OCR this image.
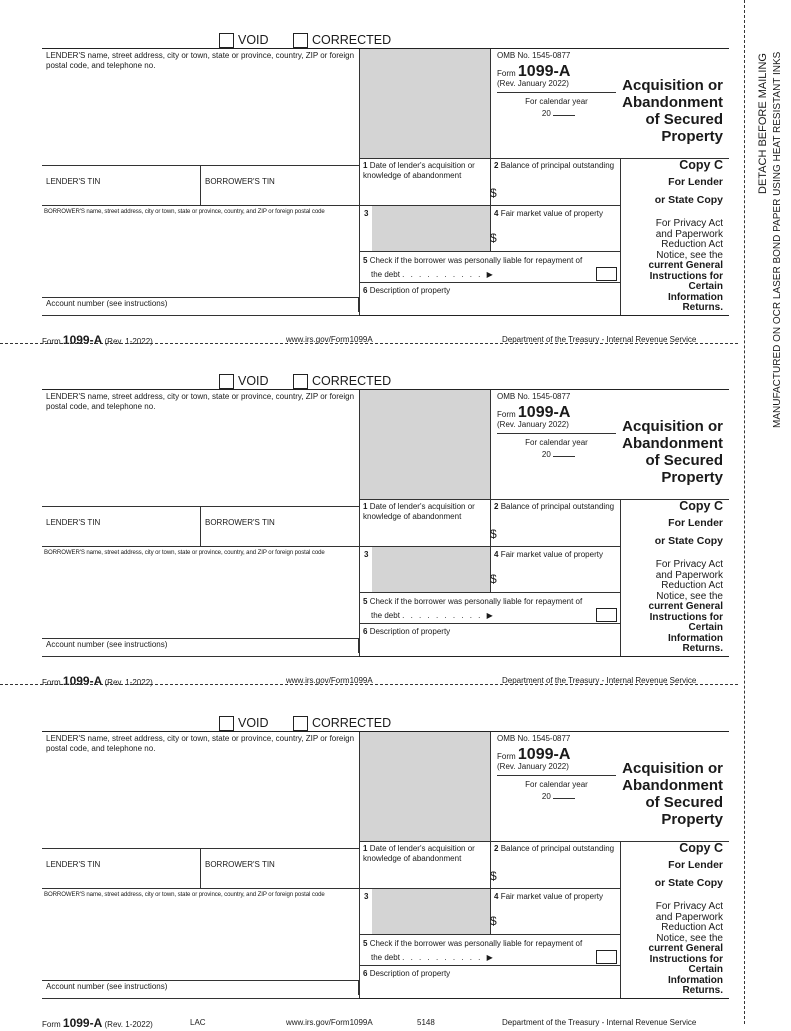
VOID	CORRECTED
LENDER'S name, street address, city or town, state or province, country, ZIP or foreign postal code, and telephone no.
OMB No. 1545-0877
Form 1099-A
(Rev. January 2022)
For calendar year
20
Acquisition or Abandonment of Secured Property
1 Date of lender's acquisition or knowledge of abandonment
2 Balance of principal outstanding
$
Copy C
For Lender
or State Copy
For Privacy Act and Paperwork Reduction Act Notice, see the
current General Instructions for Certain Information Returns.
LENDER'S TIN	BORROWER'S TIN
BORROWER'S name, street address, city or town, state or province, country, and ZIP or foreign postal code	3	4 Fair market value of property
$
5 Check if the borrower was personally liable for repayment of
the debt . . . . . . . . . . ▶
6 Description of property
Account number (see instructions)
Form 1099-A (Rev. 1-2022)	www.irs.gov/Form1099A	Department of the Treasury - Internal Revenue Service
VOID	CORRECTED
LENDER'S name, street address, city or town, state or province, country, ZIP or foreign postal code, and telephone no.
OMB No. 1545-0877
Form 1099-A
(Rev. January 2022)
For calendar year
20
Acquisition or Abandonment of Secured Property
1 Date of lender's acquisition or knowledge of abandonment
2 Balance of principal outstanding
$
Copy C
For Lender
or State Copy
For Privacy Act and Paperwork Reduction Act Notice, see the
current General Instructions for Certain Information Returns.
LENDER'S TIN	BORROWER'S TIN
BORROWER'S name, street address, city or town, state or province, country, and ZIP or foreign postal code	3	4 Fair market value of property
$
5 Check if the borrower was personally liable for repayment of
the debt . . . . . . . . . . ▶
6 Description of property
Account number (see instructions)
Form 1099-A (Rev. 1-2022)	www.irs.gov/Form1099A	Department of the Treasury - Internal Revenue Service
VOID	CORRECTED
LENDER'S name, street address, city or town, state or province, country, ZIP or foreign postal code, and telephone no.
OMB No. 1545-0877
Form 1099-A
(Rev. January 2022)
For calendar year
20
Acquisition or Abandonment of Secured Property
1 Date of lender's acquisition or knowledge of abandonment
2 Balance of principal outstanding
$
Copy C
For Lender
or State Copy
For Privacy Act and Paperwork Reduction Act Notice, see the
current General Instructions for Certain Information Returns.
LENDER'S TIN	BORROWER'S TIN
BORROWER'S name, street address, city or town, state or province, country, and ZIP or foreign postal code	3	4 Fair market value of property
$
5 Check if the borrower was personally liable for repayment of
the debt . . . . . . . . . . ▶
6 Description of property
Account number (see instructions)
Form 1099-A (Rev. 1-2022)	LAC	www.irs.gov/Form1099A	5148	Department of the Treasury - Internal Revenue Service
DETACH BEFORE MAILING MANUFACTURED ON OCR LASER BOND PAPER USING HEAT RESISTANT INKS
